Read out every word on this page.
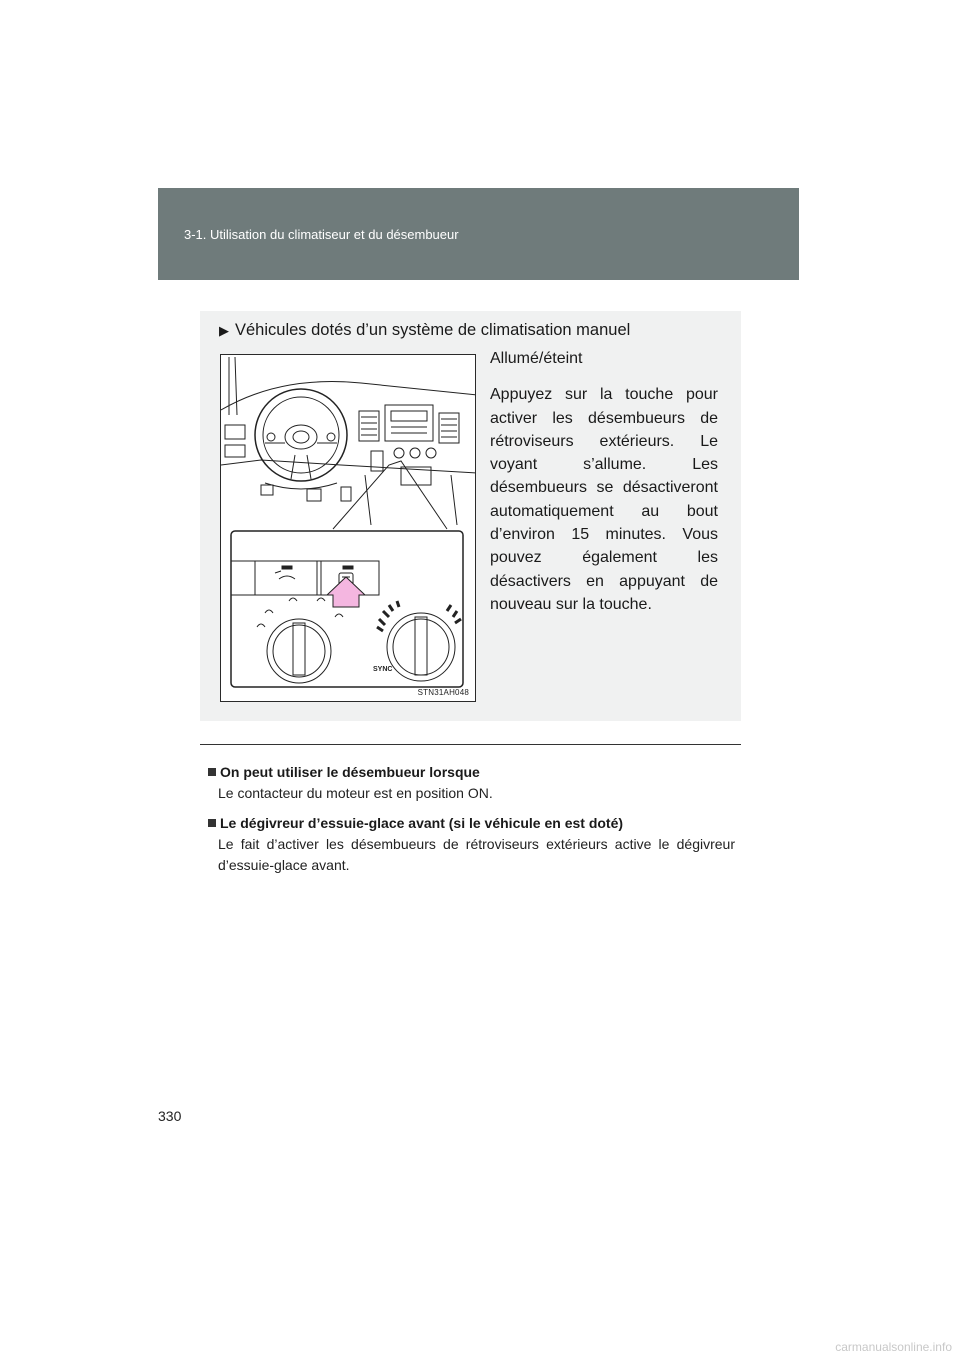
3-1. Utilisation du climatiseur et du désembueur
▶ Véhicules dotés d’un système de climatisation manuel
SYNC
STN31AH048

Allumé/éteint

Appuyez sur la touche pour activer les désembueurs de rétroviseurs extérieurs. Le voyant s’allume. Les désembueurs se désactiveront automatiquement au bout d’environ 15 minutes. Vous pouvez également les désactivers en appuyant de nouveau sur la touche.

On peut utiliser le désembueur lorsque
Le contacteur du moteur est en position ON.
Le dégivreur d’essuie-glace avant (si le véhicule en est doté)
Le fait d’activer les désembueurs de rétroviseurs extérieurs active le dégivreur d’essuie-glace avant.
330
carmanualsonline.info
